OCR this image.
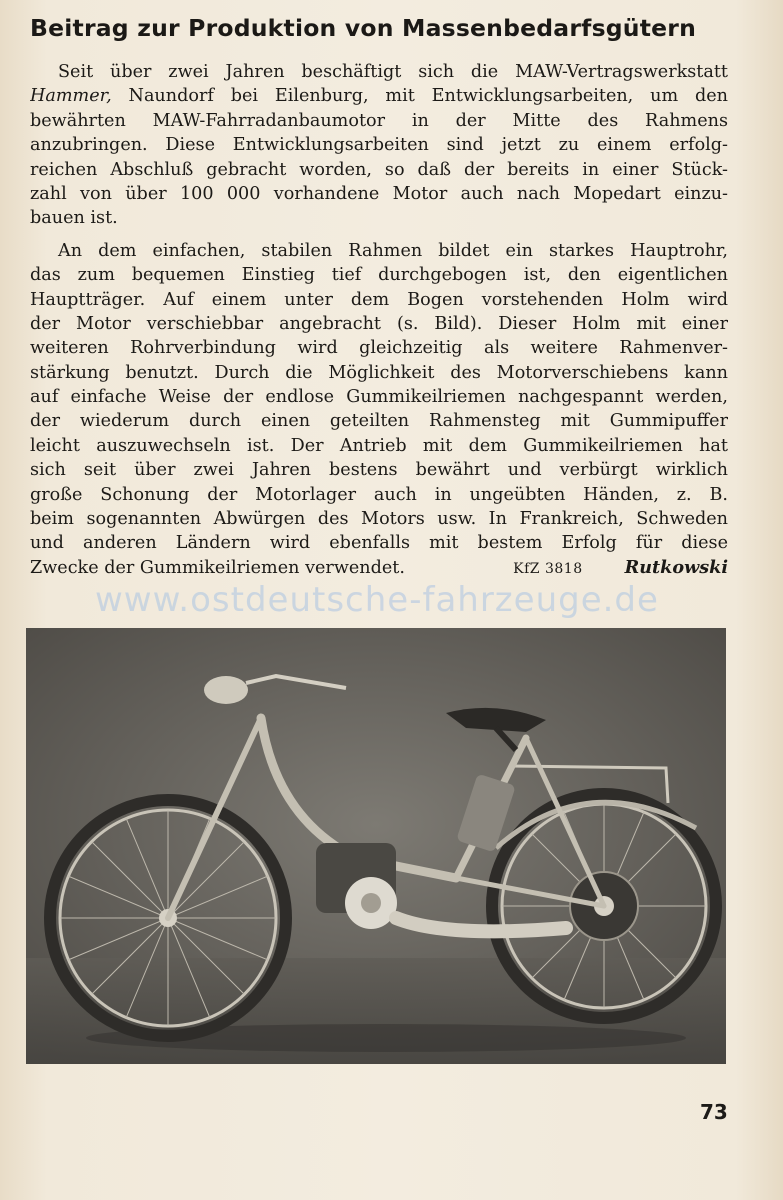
Beitrag zur Produktion von Massenbedarfsgütern
Seit über zwei Jahren beschäftigt sich die MAW-Vertragswerkstatt
Hammer, Naundorf bei Eilenburg, mit Entwicklungsarbeiten, um den
bewährten MAW-Fahrradanbaumotor in der Mitte des Rahmens
anzubringen. Diese Entwicklungsarbeiten sind jetzt zu einem erfolg-
reichen Abschluß gebracht worden, so daß der bereits in einer Stück-
zahl von über 100 000 vorhandene Motor auch nach Mopedart einzu-
bauen ist.
An dem einfachen, stabilen Rahmen bildet ein starkes Hauptrohr,
das zum bequemen Einstieg tief durchgebogen ist, den eigentlichen
Hauptträger. Auf einem unter dem Bogen vorstehenden Holm wird
der Motor verschiebbar angebracht (s. Bild). Dieser Holm mit einer
weiteren Rohrverbindung wird gleichzeitig als weitere Rahmenver-
stärkung benutzt. Durch die Möglichkeit des Motorverschiebens kann
auf einfache Weise der endlose Gummikeilriemen nachgespannt werden,
der wiederum durch einen geteilten Rahmensteg mit Gummipuffer
leicht auszuwechseln ist. Der Antrieb mit dem Gummikeilriemen hat
sich seit über zwei Jahren bestens bewährt und verbürgt wirklich
große Schonung der Motorlager auch in ungeübten Händen, z. B.
beim sogenannten Abwürgen des Motors usw. In Frankreich, Schweden
und anderen Ländern wird ebenfalls mit bestem Erfolg für diese
Zwecke der Gummikeilriemen verwendet.	KfZ 3818 Rutkowski
www.ostdeutsche-fahrzeuge.de
73
